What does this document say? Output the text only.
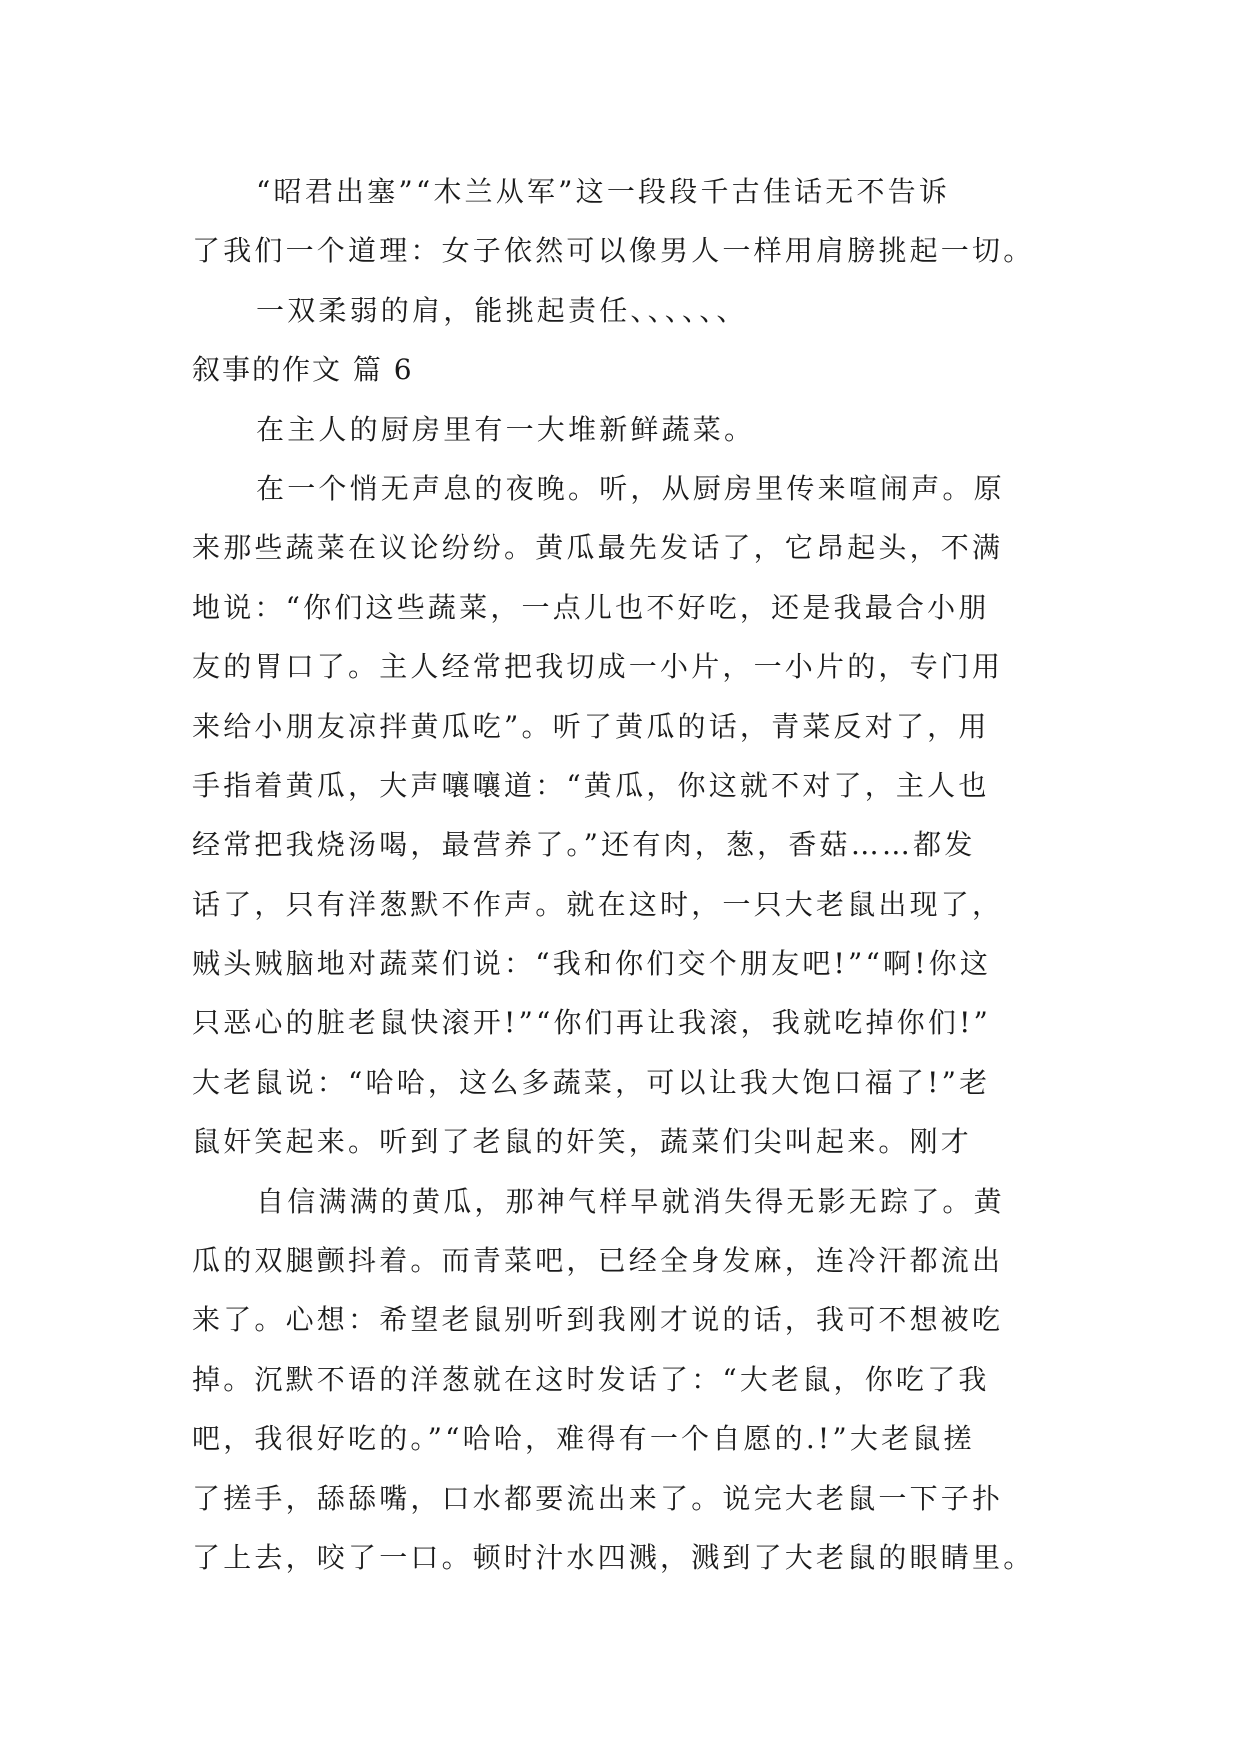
“昭君出塞”“木兰从军”这一段段千古佳话无不告诉
了我们一个道理：女子依然可以像男人一样用肩膀挑起一切。
一双柔弱的肩，能挑起责任、、、、、、
叙事的作文 篇 6
在主人的厨房里有一大堆新鲜蔬菜。
在一个悄无声息的夜晚。听，从厨房里传来喧闹声。原
来那些蔬菜在议论纷纷。黄瓜最先发话了，它昂起头，不满
地说：“你们这些蔬菜，一点儿也不好吃，还是我最合小朋
友的胃口了。主人经常把我切成一小片，一小片的，专门用
来给小朋友凉拌黄瓜吃”。听了黄瓜的话，青菜反对了，用
手指着黄瓜，大声嚷嚷道：“黄瓜，你这就不对了，主人也
经常把我烧汤喝，最营养了。”还有肉，葱，香菇……都发
话了，只有洋葱默不作声。就在这时，一只大老鼠出现了，
贼头贼脑地对蔬菜们说：“我和你们交个朋友吧!”“啊!你这
只恶心的脏老鼠快滚开!”“你们再让我滚，我就吃掉你们!”
大老鼠说：“哈哈，这么多蔬菜，可以让我大饱口福了!”老
鼠奸笑起来。听到了老鼠的奸笑，蔬菜们尖叫起来。刚才
自信满满的黄瓜，那神气样早就消失得无影无踪了。黄
瓜的双腿颤抖着。而青菜吧，已经全身发麻，连冷汗都流出
来了。心想：希望老鼠别听到我刚才说的话，我可不想被吃
掉。沉默不语的洋葱就在这时发话了：“大老鼠，你吃了我
吧，我很好吃的。”“哈哈，难得有一个自愿的.!”大老鼠搓
了搓手，舔舔嘴，口水都要流出来了。说完大老鼠一下子扑
了上去，咬了一口。顿时汁水四溅，溅到了大老鼠的眼睛里。
